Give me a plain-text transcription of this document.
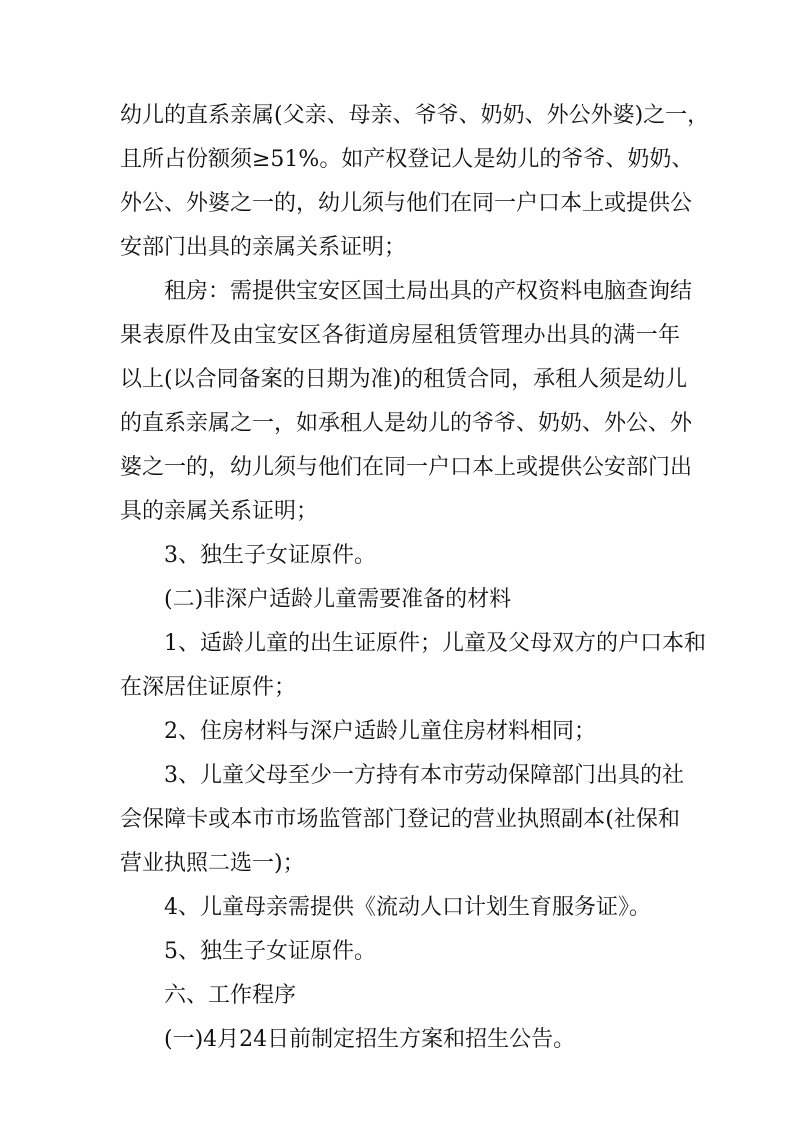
幼儿的直系亲属(父亲、母亲、爷爷、奶奶、外公外婆)之一，
且所占份额须≥51%。如产权登记人是幼儿的爷爷、奶奶、
外公、外婆之一的，幼儿须与他们在同一户口本上或提供公
安部门出具的亲属关系证明；
租房：需提供宝安区国土局出具的产权资料电脑查询结
果表原件及由宝安区各街道房屋租赁管理办出具的满一年
以上(以合同备案的日期为准)的租赁合同，承租人须是幼儿
的直系亲属之一，如承租人是幼儿的爷爷、奶奶、外公、外
婆之一的，幼儿须与他们在同一户口本上或提供公安部门出
具的亲属关系证明；
3、独生子女证原件。
(二)非深户适龄儿童需要准备的材料
1、适龄儿童的出生证原件；儿童及父母双方的户口本和
在深居住证原件；
2、住房材料与深户适龄儿童住房材料相同；
3、儿童父母至少一方持有本市劳动保障部门出具的社
会保障卡或本市市场监管部门登记的营业执照副本(社保和
营业执照二选一)；
4、儿童母亲需提供《流动人口计划生育服务证》。
5、独生子女证原件。
六、工作程序
(一)4月24日前制定招生方案和招生公告。
